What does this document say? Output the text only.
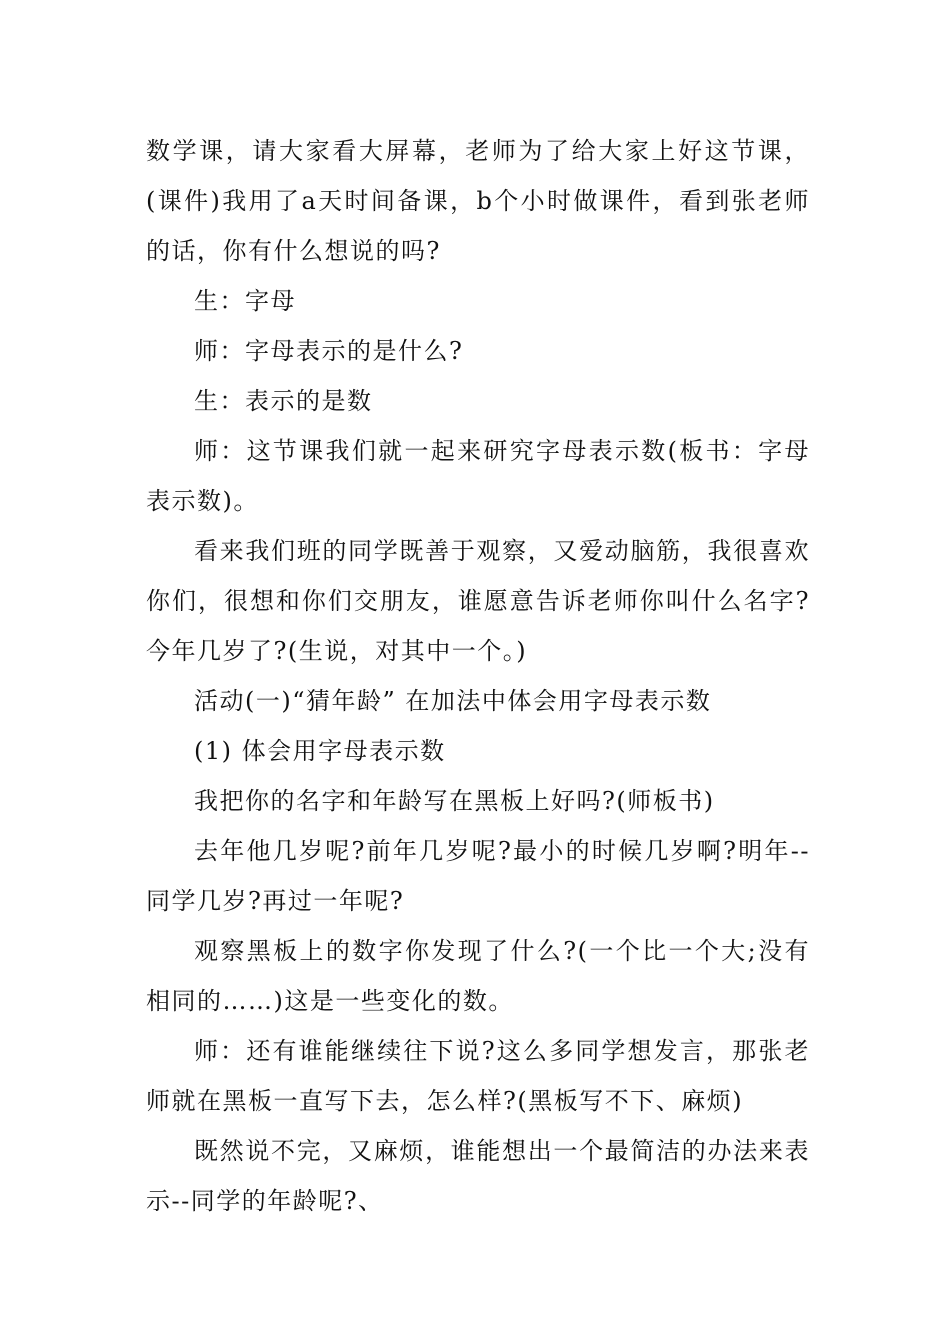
数学课，请大家看大屏幕，老师为了给大家上好这节课，(课件)我用了a天时间备课，b个小时做课件，看到张老师的话，你有什么想说的吗?

生：字母

师：字母表示的是什么?

生：表示的是数

师：这节课我们就一起来研究字母表示数(板书：字母表示数)。

看来我们班的同学既善于观察，又爱动脑筋，我很喜欢你们，很想和你们交朋友，谁愿意告诉老师你叫什么名字?今年几岁了?(生说，对其中一个。)

活动(一)“猜年龄” 在加法中体会用字母表示数

(1) 体会用字母表示数

我把你的名字和年龄写在黑板上好吗?(师板书)

去年他几岁呢?前年几岁呢?最小的时候几岁啊?明年--同学几岁?再过一年呢?

观察黑板上的数字你发现了什么?(一个比一个大;没有相同的……)这是一些变化的数。

师：还有谁能继续往下说?这么多同学想发言，那张老师就在黑板一直写下去，怎么样?(黑板写不下、麻烦)

既然说不完，又麻烦，谁能想出一个最简洁的办法来表示--同学的年龄呢?、
